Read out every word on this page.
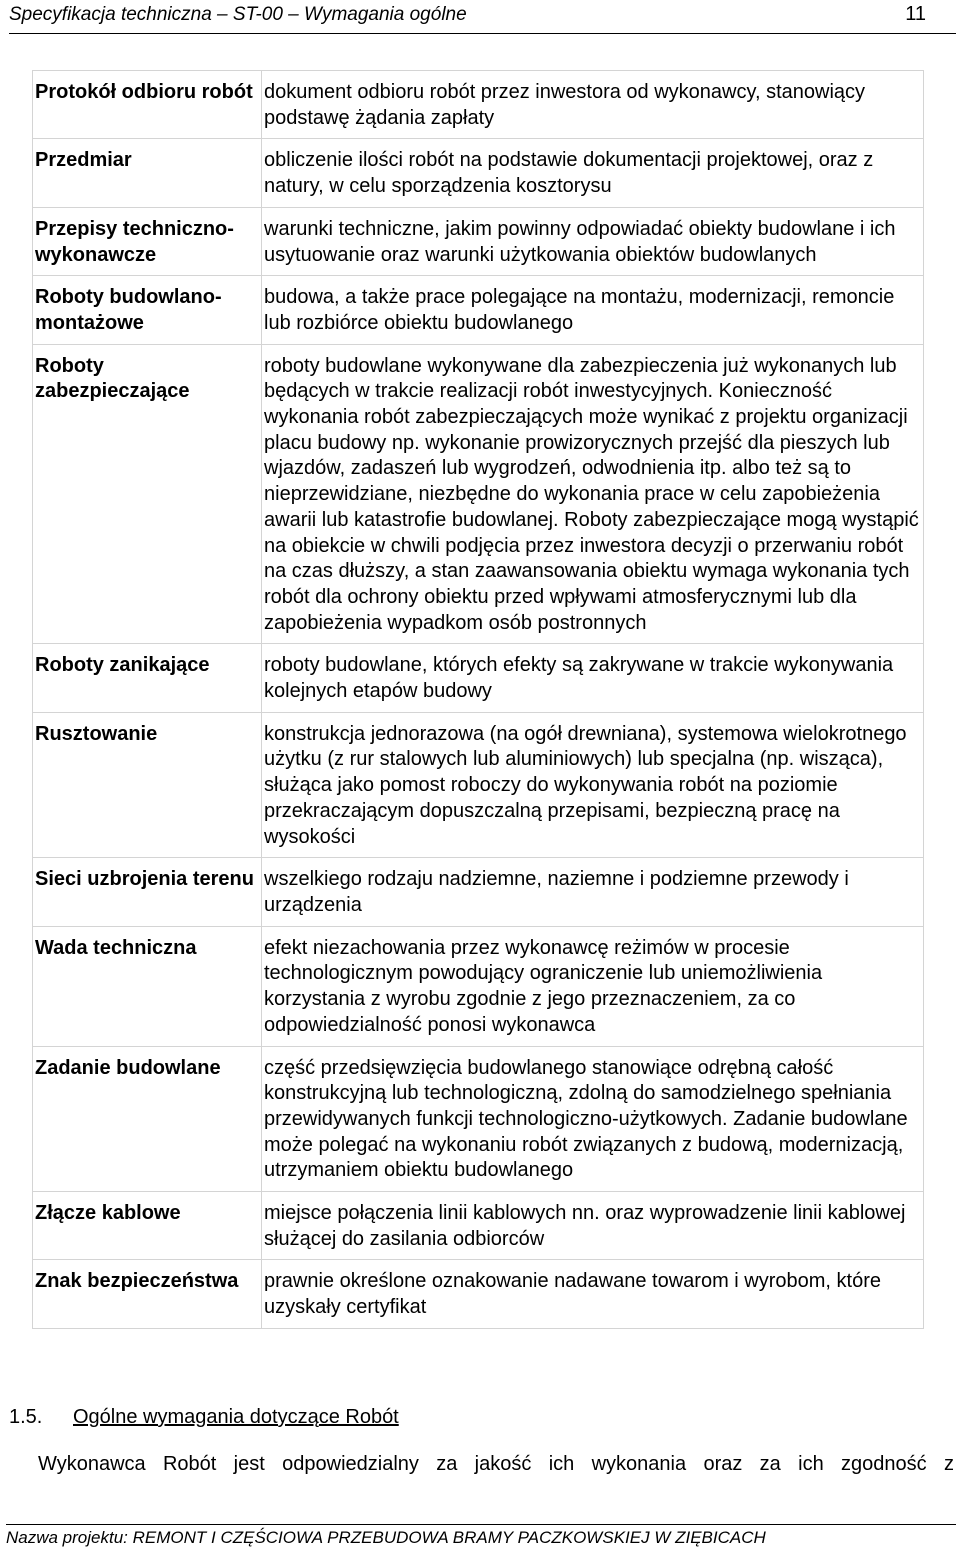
Specyfikacja techniczna – ST-00 – Wymagania ogólne	11
Protokół odbioru robót	dokument odbioru robót przez inwestora od wykonawcy, stanowiący podstawę żądania zapłaty
Przedmiar	obliczenie ilości robót na podstawie dokumentacji projektowej, oraz z natury, w celu sporządzenia kosztorysu
Przepisy techniczno-wykonawcze	warunki techniczne, jakim powinny odpowiadać obiekty budowlane i ich usytuowanie oraz warunki użytkowania obiektów budowlanych
Roboty budowlano-montażowe	budowa, a także prace polegające na montażu, modernizacji, remoncie lub rozbiórce obiektu budowlanego
Roboty zabezpieczające	roboty budowlane wykonywane dla zabezpieczenia już wykonanych lub będących w trakcie realizacji robót inwestycyjnych. Konieczność wykonania robót zabezpieczających może wynikać z projektu organizacji placu budowy np. wykonanie prowizorycznych przejść dla pieszych lub wjazdów, zadaszeń lub wygrodzeń, odwodnienia itp. albo też są to nieprzewidziane, niezbędne do wykonania prace w celu zapobieżenia awarii lub katastrofie budowlanej. Roboty zabezpieczające mogą wystąpić na obiekcie w chwili podjęcia przez inwestora decyzji o przerwaniu robót na czas dłuższy, a stan zaawansowania obiektu wymaga wykonania tych robót dla ochrony obiektu przed wpływami atmosferycznymi lub dla zapobieżenia wypadkom osób postronnych
Roboty zanikające	roboty budowlane, których efekty są zakrywane w trakcie wykonywania kolejnych etapów budowy
Rusztowanie	konstrukcja jednorazowa (na ogół drewniana), systemowa wielokrotnego użytku (z rur stalowych lub aluminiowych) lub specjalna (np. wisząca), służąca jako pomost roboczy do wykonywania robót na poziomie przekraczającym dopuszczalną przepisami, bezpieczną pracę na wysokości
Sieci uzbrojenia terenu	wszelkiego rodzaju nadziemne, naziemne i podziemne przewody i urządzenia
Wada techniczna	efekt niezachowania przez wykonawcę reżimów w procesie technologicznym powodujący ograniczenie lub uniemożliwienia korzystania z wyrobu zgodnie z jego przeznaczeniem, za co odpowiedzialność ponosi wykonawca
Zadanie budowlane	część przedsięwzięcia budowlanego stanowiące odrębną całość konstrukcyjną lub technologiczną, zdolną do samodzielnego spełniania przewidywanych funkcji technologiczno-użytkowych. Zadanie budowlane może polegać na wykonaniu robót związanych z budową, modernizacją, utrzymaniem obiektu budowlanego
Złącze kablowe	miejsce połączenia linii kablowych nn. oraz wyprowadzenie linii kablowej służącej do zasilania odbiorców
Znak bezpieczeństwa	prawnie określone oznakowanie nadawane towarom i wyrobom, które uzyskały certyfikat
1.5. Ogólne wymagania dotyczące Robót
Wykonawca Robót jest odpowiedzialny za jakość ich wykonania oraz za ich zgodność z
Nazwa projektu: REMONT I CZĘŚCIOWA PRZEBUDOWA BRAMY PACZKOWSKIEJ W ZIĘBICACH
